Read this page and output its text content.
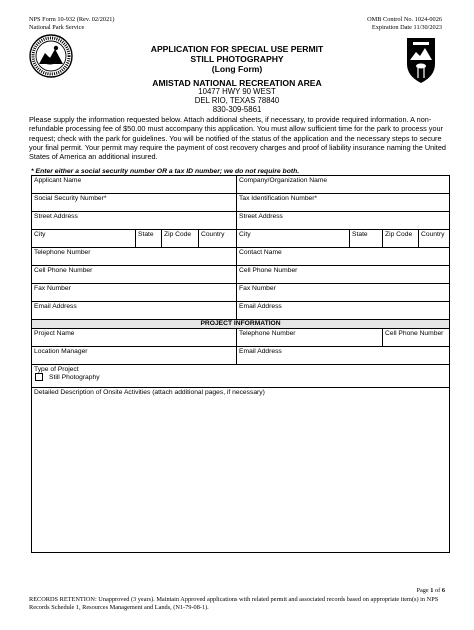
NPS Form 10-932 (Rev. 02/2021)
National Park Service
OMB Control No. 1024-0026
Expiration Date 11/30/2023
APPLICATION FOR SPECIAL USE PERMIT
STILL PHOTOGRAPHY
(Long Form)
AMISTAD NATIONAL RECREATION AREA
10477 HWY 90 WEST
DEL RIO, TEXAS 78840
830-309-5861
Please supply the information requested below. Attach additional sheets, if necessary, to provide required information. A non-refundable processing fee of $50.00 must accompany this application. You must allow sufficient time for the park to process your request; check with the park for guidelines. You will be notified of the status of the application and the necessary steps to secure your final permit. Your permit may require the payment of cost recovery charges and proof of liability insurance naming the United States of America an additional insured.
* Enter either a social security number OR a tax ID number; we do not require both.
Applicant Name				Company/Organization Name			
Social Security Number*				Tax Identification Number*			
Street Address				Street Address			
City	State	Zip Code	Country	City	State	Zip Code	Country
Telephone Number				Contact Name			
Cell Phone Number				Cell Phone Number			
Fax Number				Fax Number			
Email Address				Email Address			
PROJECT INFORMATION							
Project Name				Telephone Number		Cell Phone Number	
Location Manager				Email Address			

Type of Project
Still Photography							

Detailed Description of Onsite Activities (attach additional pages, if necessary)							
Page 1 of 6
RECORDS RETENTION: Unapproved (3 years). Maintain Approved applications with related permit and associated records based on appropriate item(s) in NPS Records Schedule 1, Resources Management and Lands, (N1-79-08-1).
